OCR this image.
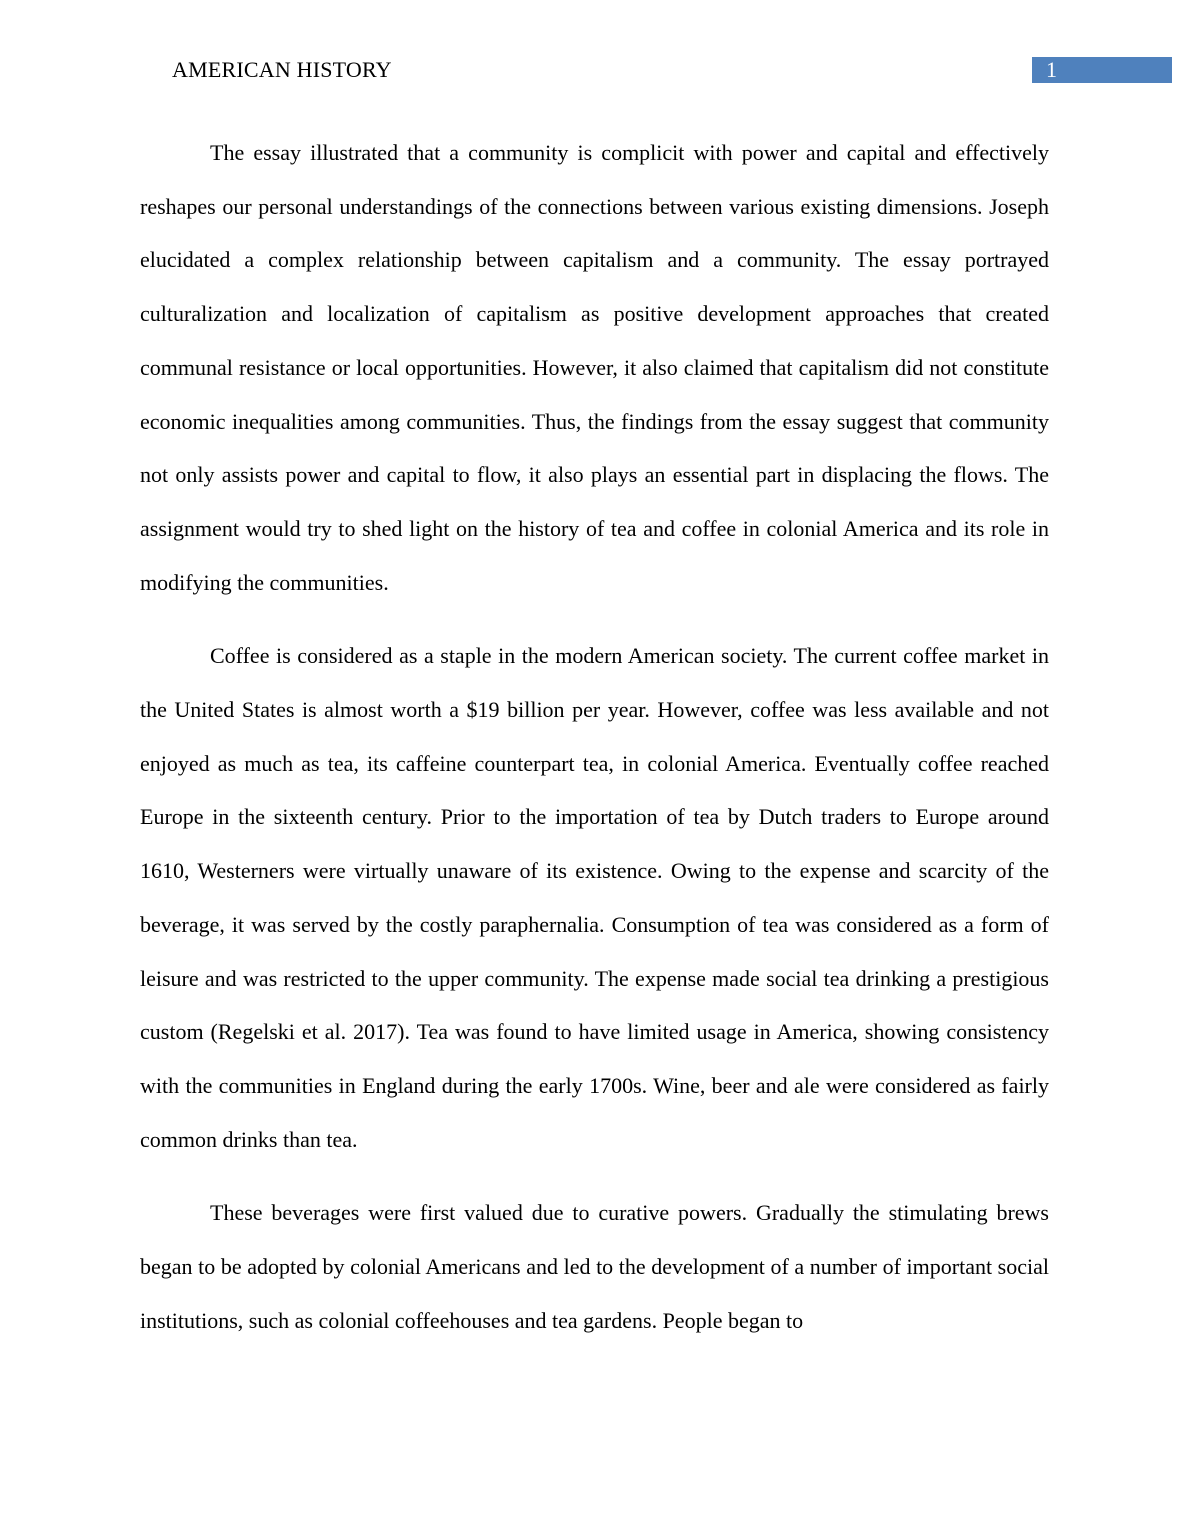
AMERICAN HISTORY	1

The essay illustrated that a community is complicit with power and capital and effectively reshapes our personal understandings of the connections between various existing dimensions. Joseph elucidated a complex relationship between capitalism and a community. The essay portrayed culturalization and localization of capitalism as positive development approaches that created communal resistance or local opportunities. However, it also claimed that capitalism did not constitute economic inequalities among communities. Thus, the findings from the essay suggest that community not only assists power and capital to flow, it also plays an essential part in displacing the flows. The assignment would try to shed light on the history of tea and coffee in colonial America and its role in modifying the communities.

Coffee is considered as a staple in the modern American society. The current coffee market in the United States is almost worth a $19 billion per year. However, coffee was less available and not enjoyed as much as tea, its caffeine counterpart tea, in colonial America. Eventually coffee reached Europe in the sixteenth century. Prior to the importation of tea by Dutch traders to Europe around 1610, Westerners were virtually unaware of its existence. Owing to the expense and scarcity of the beverage, it was served by the costly paraphernalia. Consumption of tea was considered as a form of leisure and was restricted to the upper community. The expense made social tea drinking a prestigious custom (Regelski et al. 2017). Tea was found to have limited usage in America, showing consistency with the communities in England during the early 1700s. Wine, beer and ale were considered as fairly common drinks than tea.

These beverages were first valued due to curative powers. Gradually the stimulating brews began to be adopted by colonial Americans and led to the development of a number of important social institutions, such as colonial coffeehouses and tea gardens. People began to
